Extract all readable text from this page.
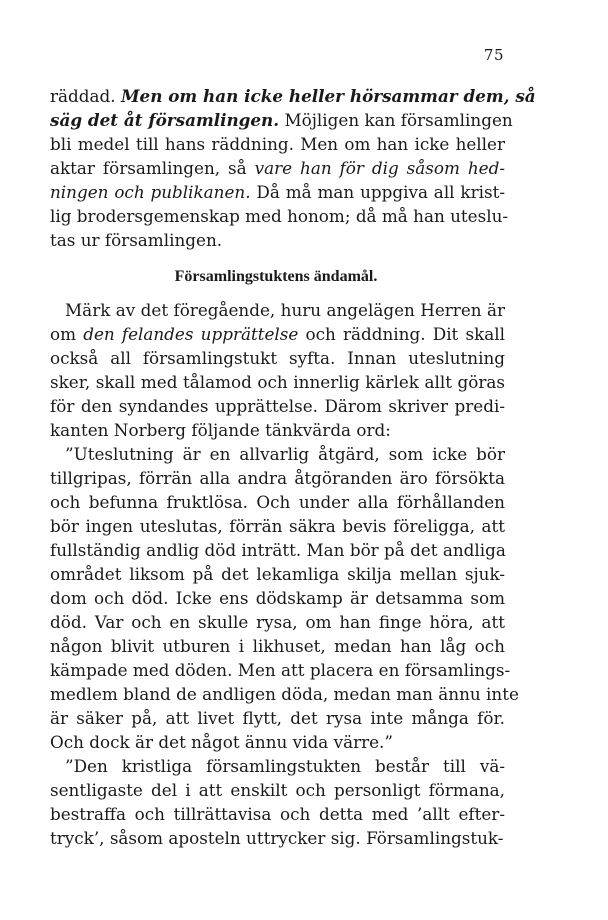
75
räddad. Men om han icke heller hörsammar dem, så
säg det åt församlingen. Möjligen kan församlingen
bli medel till hans räddning. Men om han icke heller
aktar församlingen, så vare han för dig såsom hed-
ningen och publikanen. Då må man uppgiva all krist-
lig brodersgemenskap med honom; då må han uteslu-
tas ur församlingen.
Församlingstuktens ändamål.
Märk av det föregående, huru angelägen Herren är
om den felandes upprättelse och räddning. Dit skall
också all församlingstukt syfta. Innan uteslutning
sker, skall med tålamod och innerlig kärlek allt göras
för den syndandes upprättelse. Därom skriver predi-
kanten Norberg följande tänkvärda ord:
”Uteslutning är en allvarlig åtgärd, som icke bör
tillgripas, förrän alla andra åtgöranden äro försökta
och befunna fruktlösa. Och under alla förhållanden
bör ingen uteslutas, förrän säkra bevis föreligga, att
fullständig andlig död inträtt. Man bör på det andliga
området liksom på det lekamliga skilja mellan sjuk-
dom och död. Icke ens dödskamp är detsamma som
död. Var och en skulle rysa, om han finge höra, att
någon blivit utburen i likhuset, medan han låg och
kämpade med döden. Men att placera en församlings-
medlem bland de andligen döda, medan man ännu inte
är säker på, att livet flytt, det rysa inte många för.
Och dock är det något ännu vida värre.”
”Den kristliga församlingstukten består till vä-
sentligaste del i att enskilt och personligt förmana,
bestraffa och tillrättavisa och detta med ’allt efter-
tryck’, såsom aposteln uttrycker sig. Församlingstuk-
